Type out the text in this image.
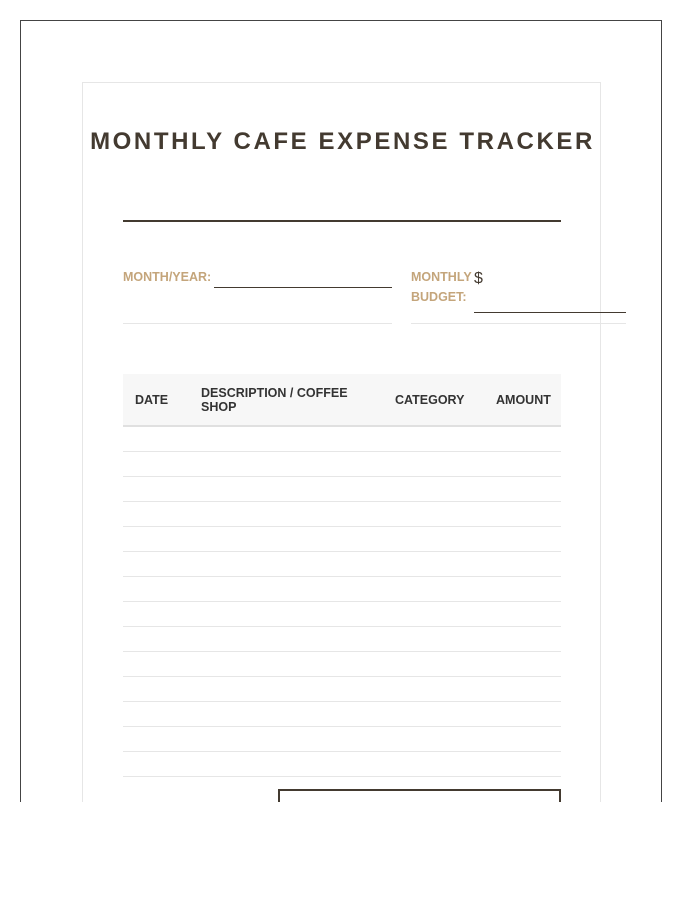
MONTHLY CAFE EXPENSE TRACKER
MONTH/YEAR:	MONTHLY BUDGET:
$
DATE	DESCRIPTION / COFFEE SHOP	CATEGORY	AMOUNT
